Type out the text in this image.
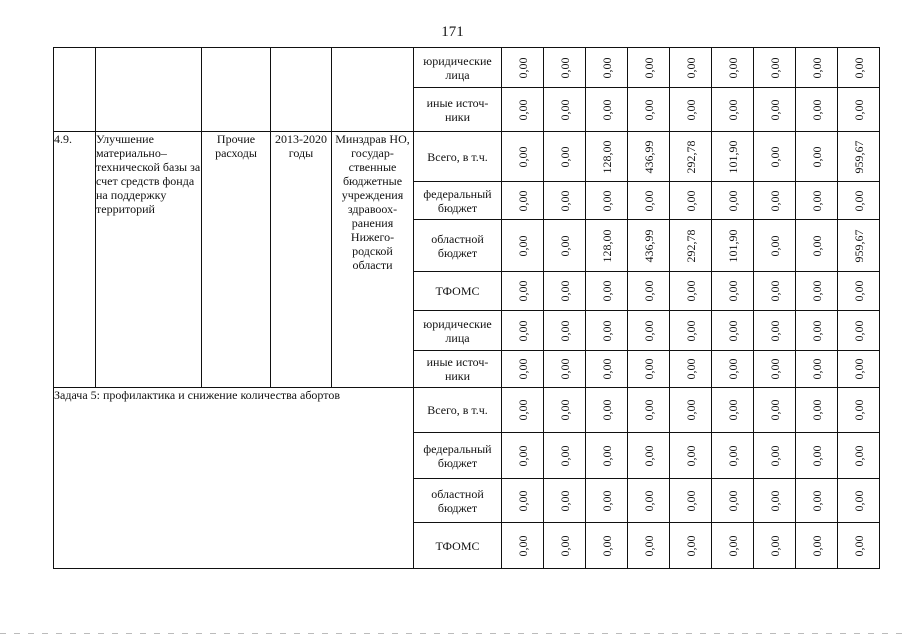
171
					юридические лица	0,00	0,00	0,00	0,00	0,00	0,00	0,00	0,00	0,00

					иные источ-ники	0,00	0,00	0,00	0,00	0,00	0,00	0,00	0,00	0,00

4.9.	Улучшение материально–технической базы за счет средств фонда на поддержку территорий	Прочие расходы	2013-2020 годы	Минздрав НО, государ-ственные бюджетные учреждения здравоох-ранения Нижего-родской области	Всего, в т.ч.	0,00	0,00	128,00	436,99	292,78	101,90	0,00	0,00	959,67

					федеральный бюджет	0,00	0,00	0,00	0,00	0,00	0,00	0,00	0,00	0,00

					областной бюджет	0,00	0,00	128,00	436,99	292,78	101,90	0,00	0,00	959,67

					ТФОМС	0,00	0,00	0,00	0,00	0,00	0,00	0,00	0,00	0,00

					юридические лица	0,00	0,00	0,00	0,00	0,00	0,00	0,00	0,00	0,00

					иные источ-ники	0,00	0,00	0,00	0,00	0,00	0,00	0,00	0,00	0,00

Задача 5: профилактика и снижение количества абортов					Всего, в т.ч.	0,00	0,00	0,00	0,00	0,00	0,00	0,00	0,00	0,00

					федеральный бюджет	0,00	0,00	0,00	0,00	0,00	0,00	0,00	0,00	0,00

					областной бюджет	0,00	0,00	0,00	0,00	0,00	0,00	0,00	0,00	0,00

					ТФОМС	0,00	0,00	0,00	0,00	0,00	0,00	0,00	0,00	0,00
